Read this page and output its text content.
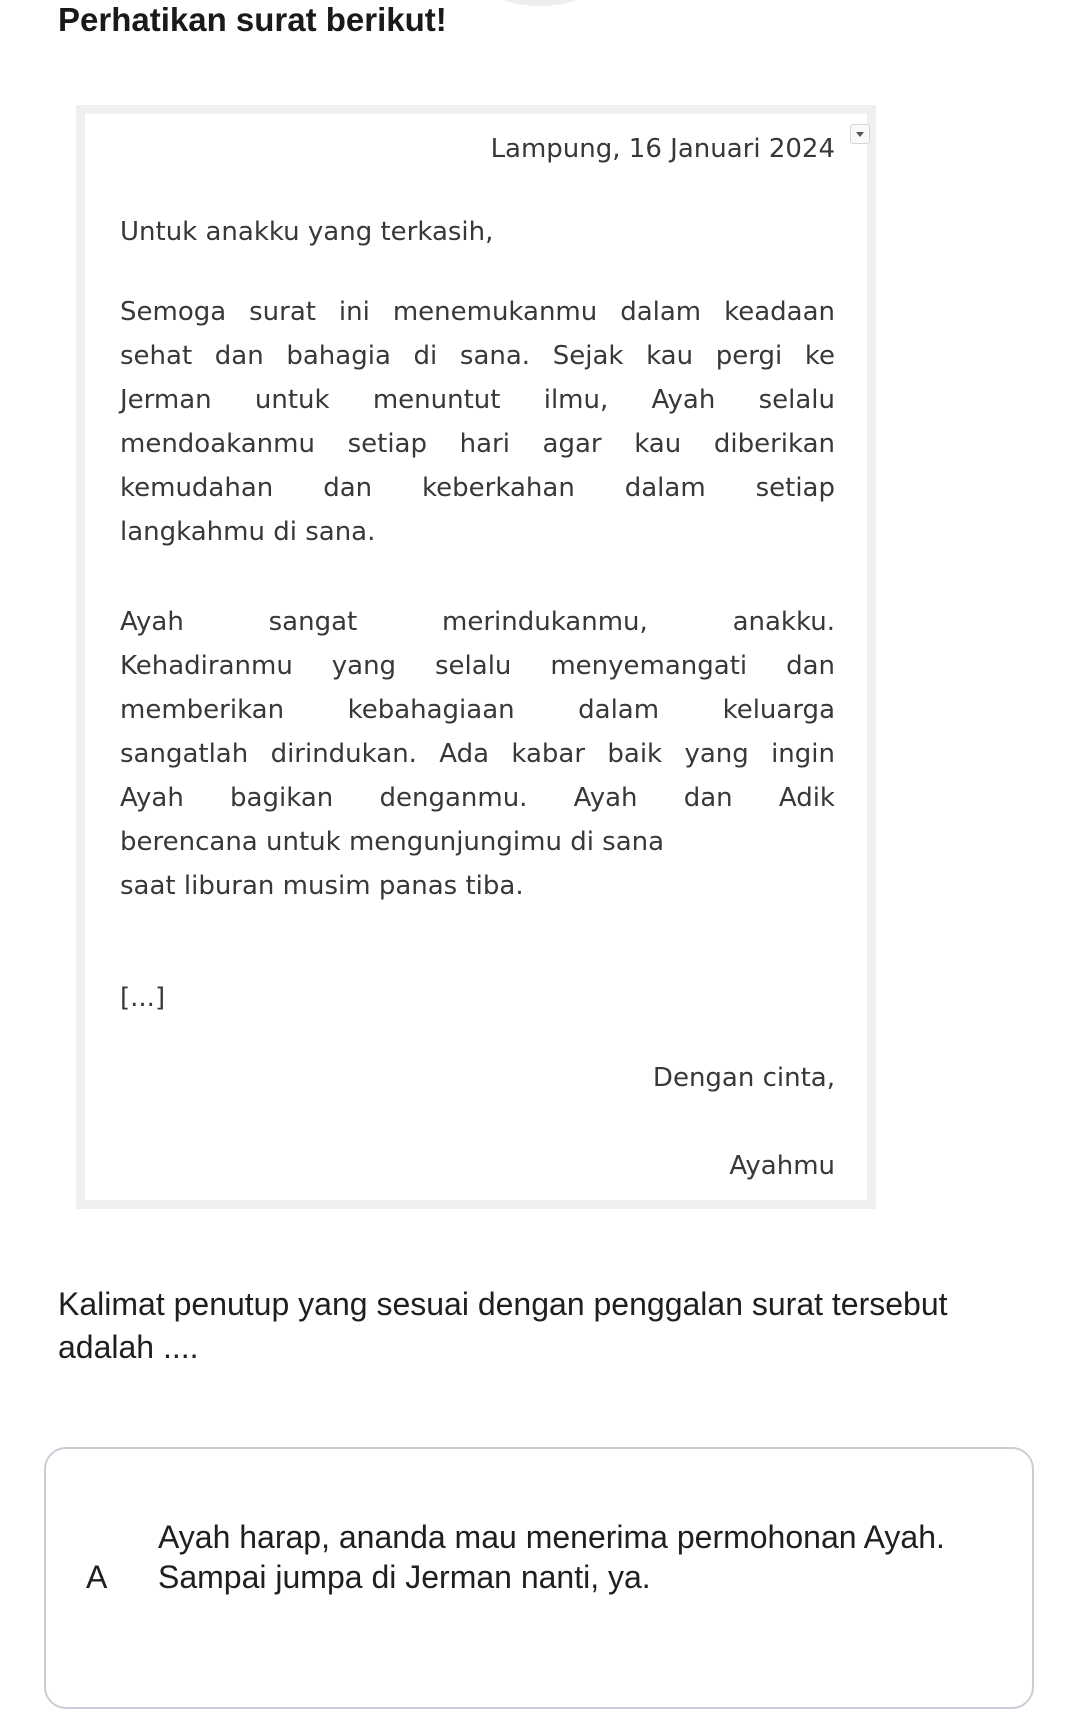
Perhatikan surat berikut!
Lampung, 16 Januari 2024
Untuk anakku yang terkasih,
Semoga surat ini menemukanmu dalam keadaan
sehat dan bahagia di sana. Sejak kau pergi ke
Jerman untuk menuntut ilmu, Ayah selalu
mendoakanmu setiap hari agar kau diberikan
kemudahan dan keberkahan dalam setiap
langkahmu di sana.
Ayah sangat merindukanmu, anakku.
Kehadiranmu yang selalu menyemangati dan
memberikan kebahagiaan dalam keluarga
sangatlah dirindukan. Ada kabar baik yang ingin
Ayah bagikan denganmu. Ayah dan Adik
berencana untuk mengunjungimu di sana
saat liburan musim panas tiba.
[...]
Dengan cinta,
Ayahmu
Kalimat penutup yang sesuai dengan penggalan surat tersebut adalah ....
A
Ayah harap, ananda mau menerima permohonan Ayah. Sampai jumpa di Jerman nanti, ya.
